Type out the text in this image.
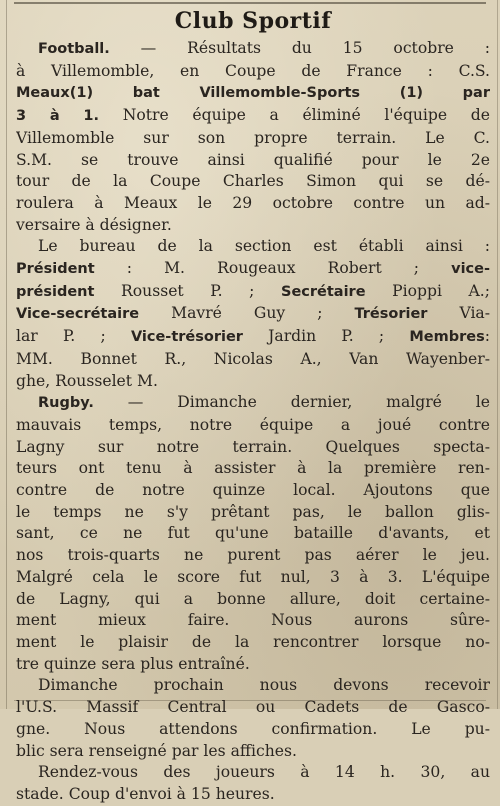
Club Sportif
Football. — Résultats du 15 octobre :
à Villemomble, en Coupe de France : C.S.
Meaux(1) bat Villemomble-Sports (1) par
3 à 1. Notre équipe a éliminé l'équipe de
Villemomble sur son propre terrain. Le C.
S.M. se trouve ainsi qualifié pour le 2e
tour de la Coupe Charles Simon qui se dé-
roulera à Meaux le 29 octobre contre un ad-
versaire à désigner.
Le bureau de la section est établi ainsi :
Président : M. Rougeaux Robert ; vice-
président Rousset P. ; Secrétaire Pioppi A.;
Vice-secrétaire Mavré Guy ; Trésorier Via-
lar P. ; Vice-trésorier Jardin P. ; Membres:
MM. Bonnet R., Nicolas A., Van Wayenber-
ghe, Rousselet M.
Rugby. — Dimanche dernier, malgré le
mauvais temps, notre équipe a joué contre
Lagny sur notre terrain. Quelques specta-
teurs ont tenu à assister à la première ren-
contre de notre quinze local. Ajoutons que
le temps ne s'y prêtant pas, le ballon glis-
sant, ce ne fut qu'une bataille d'avants, et
nos trois-quarts ne purent pas aérer le jeu.
Malgré cela le score fut nul, 3 à 3. L'équipe
de Lagny, qui a bonne allure, doit certaine-
ment mieux faire. Nous aurons sûre-
ment le plaisir de la rencontrer lorsque no-
tre quinze sera plus entraîné.
Dimanche prochain nous devons recevoir
l'U.S. Massif Central ou Cadets de Gasco-
gne. Nous attendons confirmation. Le pu-
blic sera renseigné par les affiches.
Rendez-vous des joueurs à 14 h. 30, au
stade. Coup d'envoi à 15 heures.
